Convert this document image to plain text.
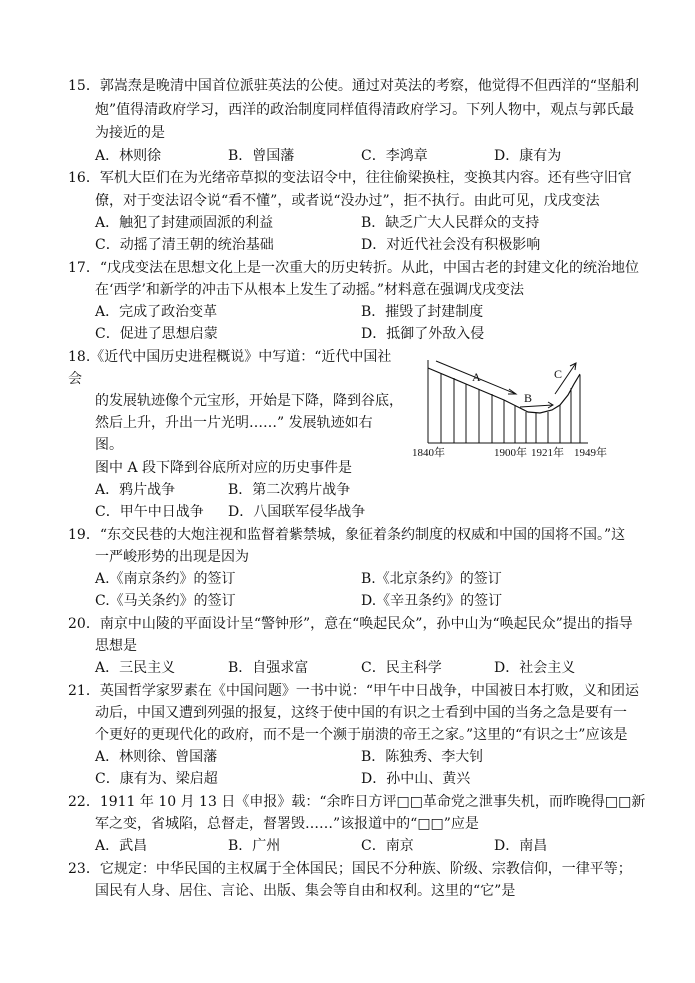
15．郭嵩焘是晚清中国首位派驻英法的公使。通过对英法的考察，他觉得不但西洋的“坚船利
炮”值得清政府学习，西洋的政治制度同样值得清政府学习。下列人物中，观点与郭氏最
为接近的是
A．林则徐	B．曾国藩	C．李鸿章	D．康有为
16．军机大臣们在为光绪帝草拟的变法诏令中，往往偷梁换柱，变换其内容。还有些守旧官
僚，对于变法诏令说“看不懂”，或者说“没办过”，拒不执行。由此可见，戊戌变法
A．触犯了封建顽固派的利益	B．缺乏广大人民群众的支持
C．动摇了清王朝的统治基础	D．对近代社会没有积极影响
17．“戊戌变法在思想文化上是一次重大的历史转折。从此，中国古老的封建文化的统治地位
在‘西学’和新学的冲击下从根本上发生了动摇。”材料意在强调戊戌变法
A．完成了政治变革	B．摧毁了封建制度
C．促进了思想启蒙	D．抵御了外敌入侵
18.《近代中国历史进程概说》中写道：“近代中国社
会
的发展轨迹像个元宝形，开始是下降，降到谷底，
然后上升，升出一片光明……” 发展轨迹如右
图。
图中 A 段下降到谷底所对应的历史事件是
A．鸦片战争	B．第二次鸦片战争
C．甲午中日战争 D．八国联军侵华战争
A
B
C
1840年	1900年 1921年 1949年
19．“东交民巷的大炮注视和监督着紫禁城，象征着条约制度的权威和中国的国将不国。”这
一严峻形势的出现是因为
A.《南京条约》的签订	B.《北京条约》的签订
C.《马关条约》的签订	D.《辛丑条约》的签订
20．南京中山陵的平面设计呈“警钟形”，意在“唤起民众”，孙中山为“唤起民众”提出的指导
思想是
A．三民主义	B．自强求富	C．民主科学	D．社会主义
21．英国哲学家罗素在《中国问题》一书中说：“甲午中日战争，中国被日本打败，义和团运
动后，中国又遭到列强的报复，这终于使中国的有识之士看到中国的当务之急是要有一
个更好的更现代化的政府，而不是一个濒于崩溃的帝王之家。”这里的“有识之士”应该是
A．林则徐、曾国藩	B．陈独秀、李大钊
C．康有为、梁启超	D．孙中山、黄兴
22．1911 年 10 月 13 日《申报》载：“余昨日方评□□革命党之泄事失机，而昨晚得□□新
军之变，省城陷，总督走，督署毁……”该报道中的“□□”应是
A．武昌	B．广州	C．南京	D．南昌
23．它规定：中华民国的主权属于全体国民；国民不分种族、阶级、宗教信仰，一律平等；
国民有人身、居住、言论、出版、集会等自由和权利。这里的“它”是
